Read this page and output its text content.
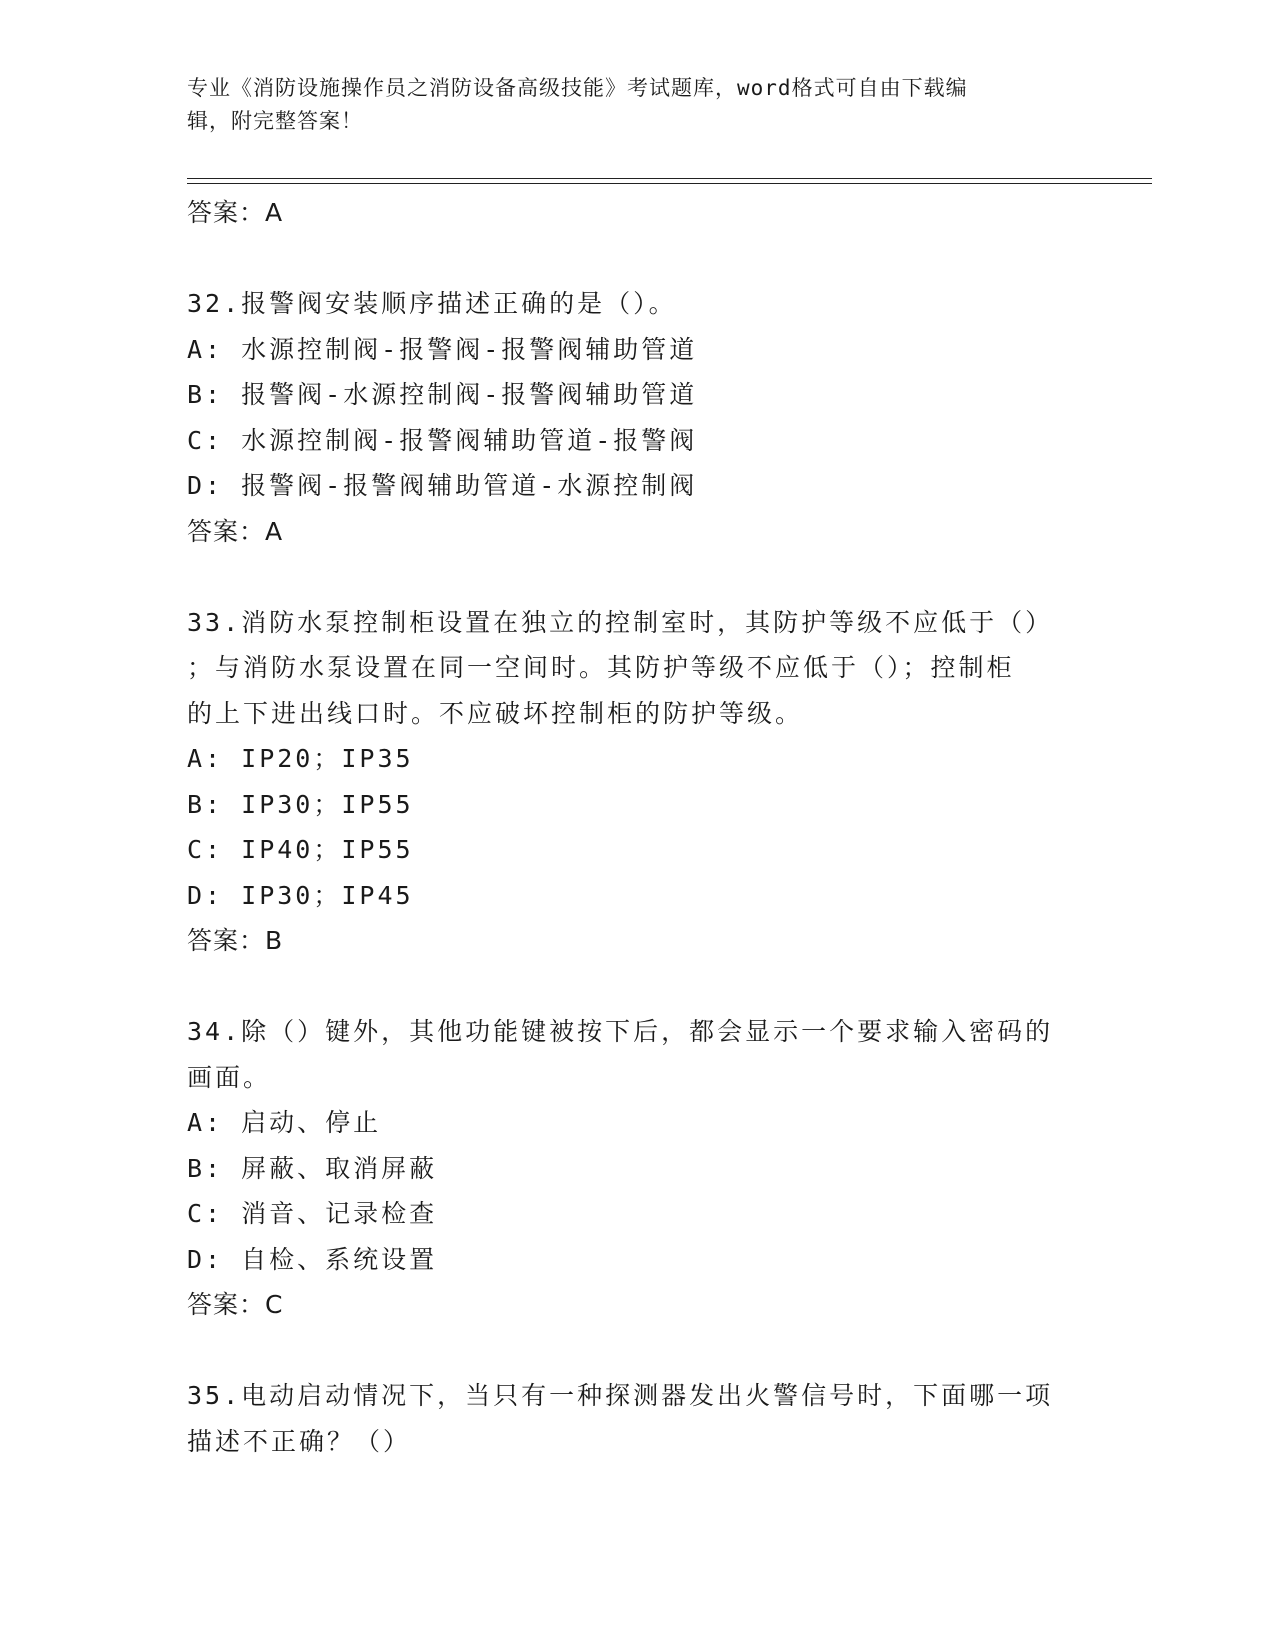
专业《消防设施操作员之消防设备高级技能》考试题库，word格式可自由下载编
辑，附完整答案！
答案：A
32.报警阀安装顺序描述正确的是（）。
A: 水源控制阀-报警阀-报警阀辅助管道
B: 报警阀-水源控制阀-报警阀辅助管道
C: 水源控制阀-报警阀辅助管道-报警阀
D: 报警阀-报警阀辅助管道-水源控制阀
答案：A
33.消防水泵控制柜设置在独立的控制室时，其防护等级不应低于（）
；与消防水泵设置在同一空间时。其防护等级不应低于（）；控制柜
的上下进出线口时。不应破坏控制柜的防护等级。
A: IP20；IP35
B: IP30；IP55
C: IP40；IP55
D: IP30；IP45
答案：B
34.除（）键外，其他功能键被按下后，都会显示一个要求输入密码的
画面。
A: 启动、停止
B: 屏蔽、取消屏蔽
C: 消音、记录检查
D: 自检、系统设置
答案：C
35.电动启动情况下，当只有一种探测器发出火警信号时，下面哪一项
描述不正确？（）
